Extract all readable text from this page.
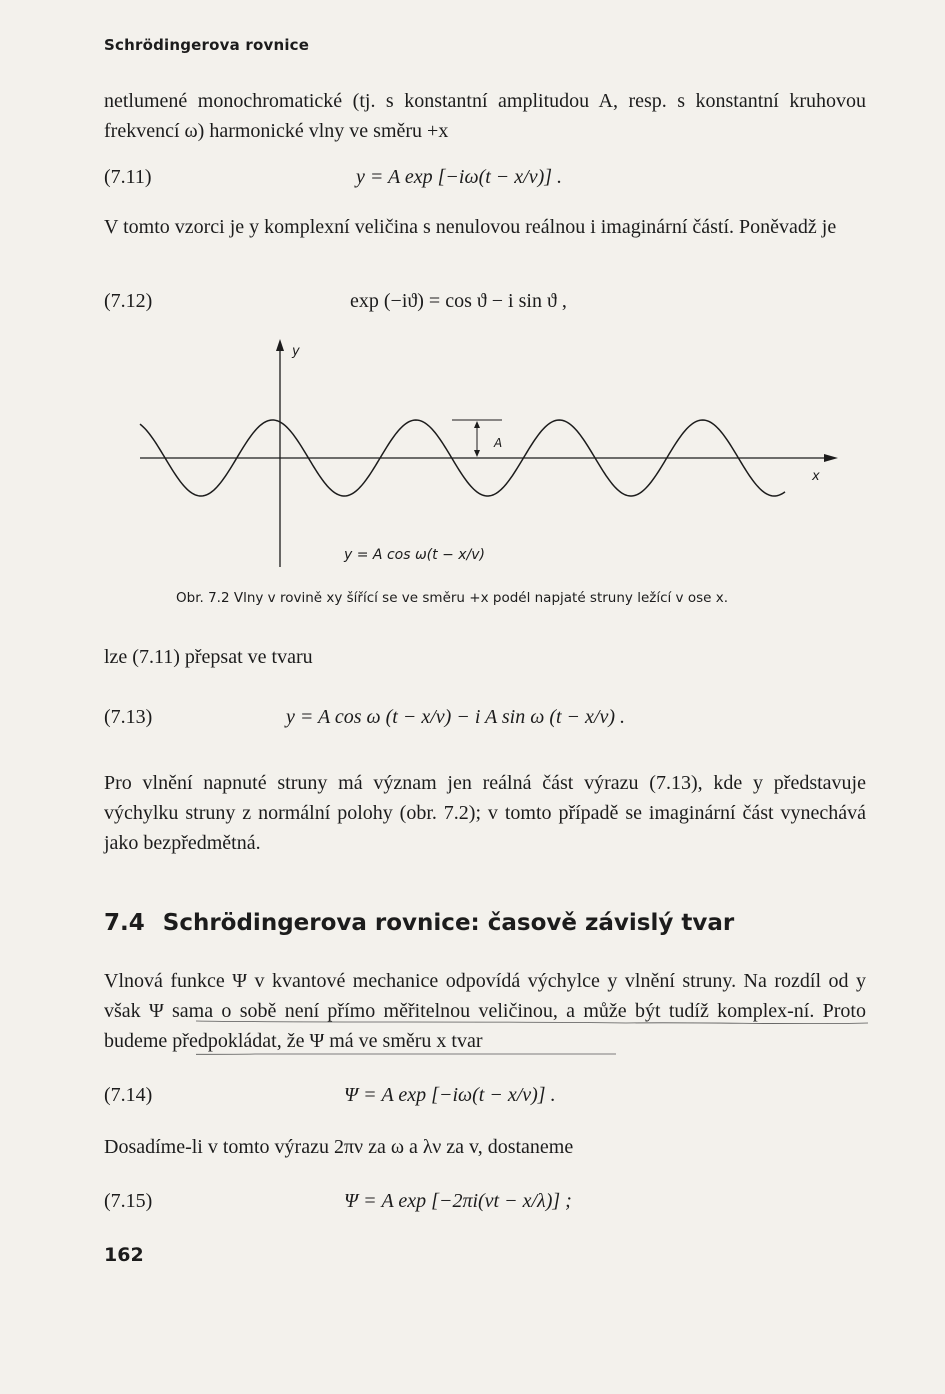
Schrödingerova rovnice
netlumené monochromatické (tj. s konstantní amplitudou A, resp. s konstantní kruhovou frekvencí ω) harmonické vlny ve směru +x
(7.11)	y = A exp [−iω(t − x/v)] .
V tomto vzorci je y komplexní veličina s nenulovou reálnou i imaginární částí. Poněvadž je
(7.12)	exp (−iϑ) = cos ϑ − i sin ϑ ,
y
x
A
y = A cos ω(t − x/v)
Obr. 7.2 Vlny v rovině xy šířící se ve směru +x podél napjaté struny ležící v ose x.
lze (7.11) přepsat ve tvaru
(7.13)	y = A cos ω (t − x/v) − i A sin ω (t − x/v) .
Pro vlnění napnuté struny má význam jen reálná část výrazu (7.13), kde y představuje výchylku struny z normální polohy (obr. 7.2); v tomto případě se imaginární část vynechává jako bezpředmětná.
7.4 Schrödingerova rovnice: časově závislý tvar
Vlnová funkce Ψ v kvantové mechanice odpovídá výchylce y vlnění struny. Na rozdíl od y však Ψ sama o sobě není přímo měřitelnou veličinou, a může být tudíž komplex-ní. Proto budeme předpokládat, že Ψ má ve směru x tvar
(7.14)	Ψ = A exp [−iω(t − x/v)] .
Dosadíme-li v tomto výrazu 2πν za ω a λν za v, dostaneme
(7.15)	Ψ = A exp [−2πi(νt − x/λ)] ;
162
